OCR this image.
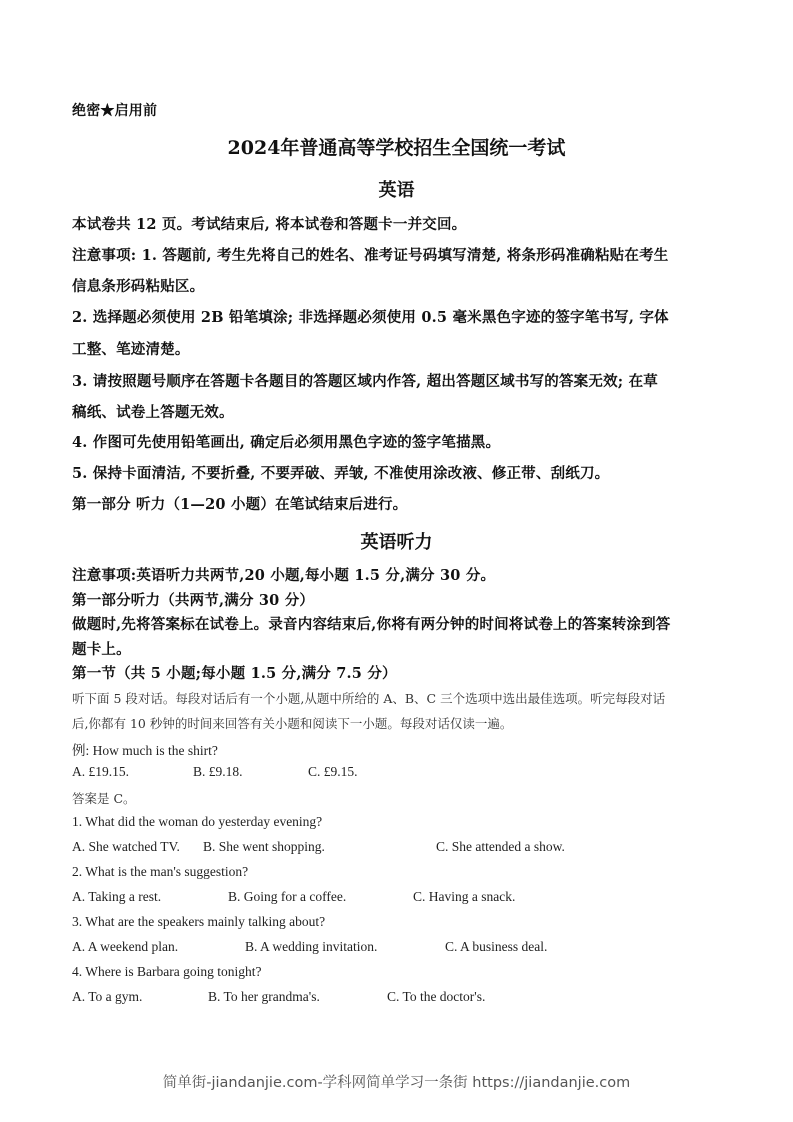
绝密★启用前
2024年普通高等学校招生全国统一考试
英语
本试卷共 12 页。考试结束后, 将本试卷和答题卡一并交回。
注意事项: 1. 答题前, 考生先将自己的姓名、准考证号码填写清楚, 将条形码准确粘贴在考生
信息条形码粘贴区。
2. 选择题必须使用 2B 铅笔填涂; 非选择题必须使用 0.5 毫米黑色字迹的签字笔书写, 字体
工整、笔迹清楚。
3. 请按照题号顺序在答题卡各题目的答题区域内作答, 超出答题区域书写的答案无效; 在草
稿纸、试卷上答题无效。
4. 作图可先使用铅笔画出, 确定后必须用黑色字迹的签字笔描黑。
5. 保持卡面清洁, 不要折叠, 不要弄破、弄皱, 不准使用涂改液、修正带、刮纸刀。
第一部分 听力（1—20 小题）在笔试结束后进行。
英语听力
注意事项:英语听力共两节,20 小题,每小题 1.5 分,满分 30 分。
第一部分听力（共两节,满分 30 分）
做题时,先将答案标在试卷上。录音内容结束后,你将有两分钟的时间将试卷上的答案转涂到答
题卡上。
第一节（共 5 小题;每小题 1.5 分,满分 7.5 分）
听下面 5 段对话。每段对话后有一个小题,从题中所给的 A、B、C 三个选项中选出最佳选项。听完每段对话
后,你都有 10 秒钟的时间来回答有关小题和阅读下一小题。每段对话仅读一遍。
例: How much is the shirt?
A. £19.15.	B. £9.18.	C. £9.15.
答案是 C。
1. What did the woman do yesterday evening?
A. She watched TV. B. She went shopping.	C. She attended a show.
2. What is the man's suggestion?
A. Taking a rest.	B. Going for a coffee.	C. Having a snack.
3. What are the speakers mainly talking about?
A. A weekend plan.	B. A wedding invitation.	C. A business deal.
4. Where is Barbara going tonight?
A. To a gym.	B. To her grandma's.	C. To the doctor's.
简单街-jiandanjie.com-学科网简单学习一条街 https://jiandanjie.com
